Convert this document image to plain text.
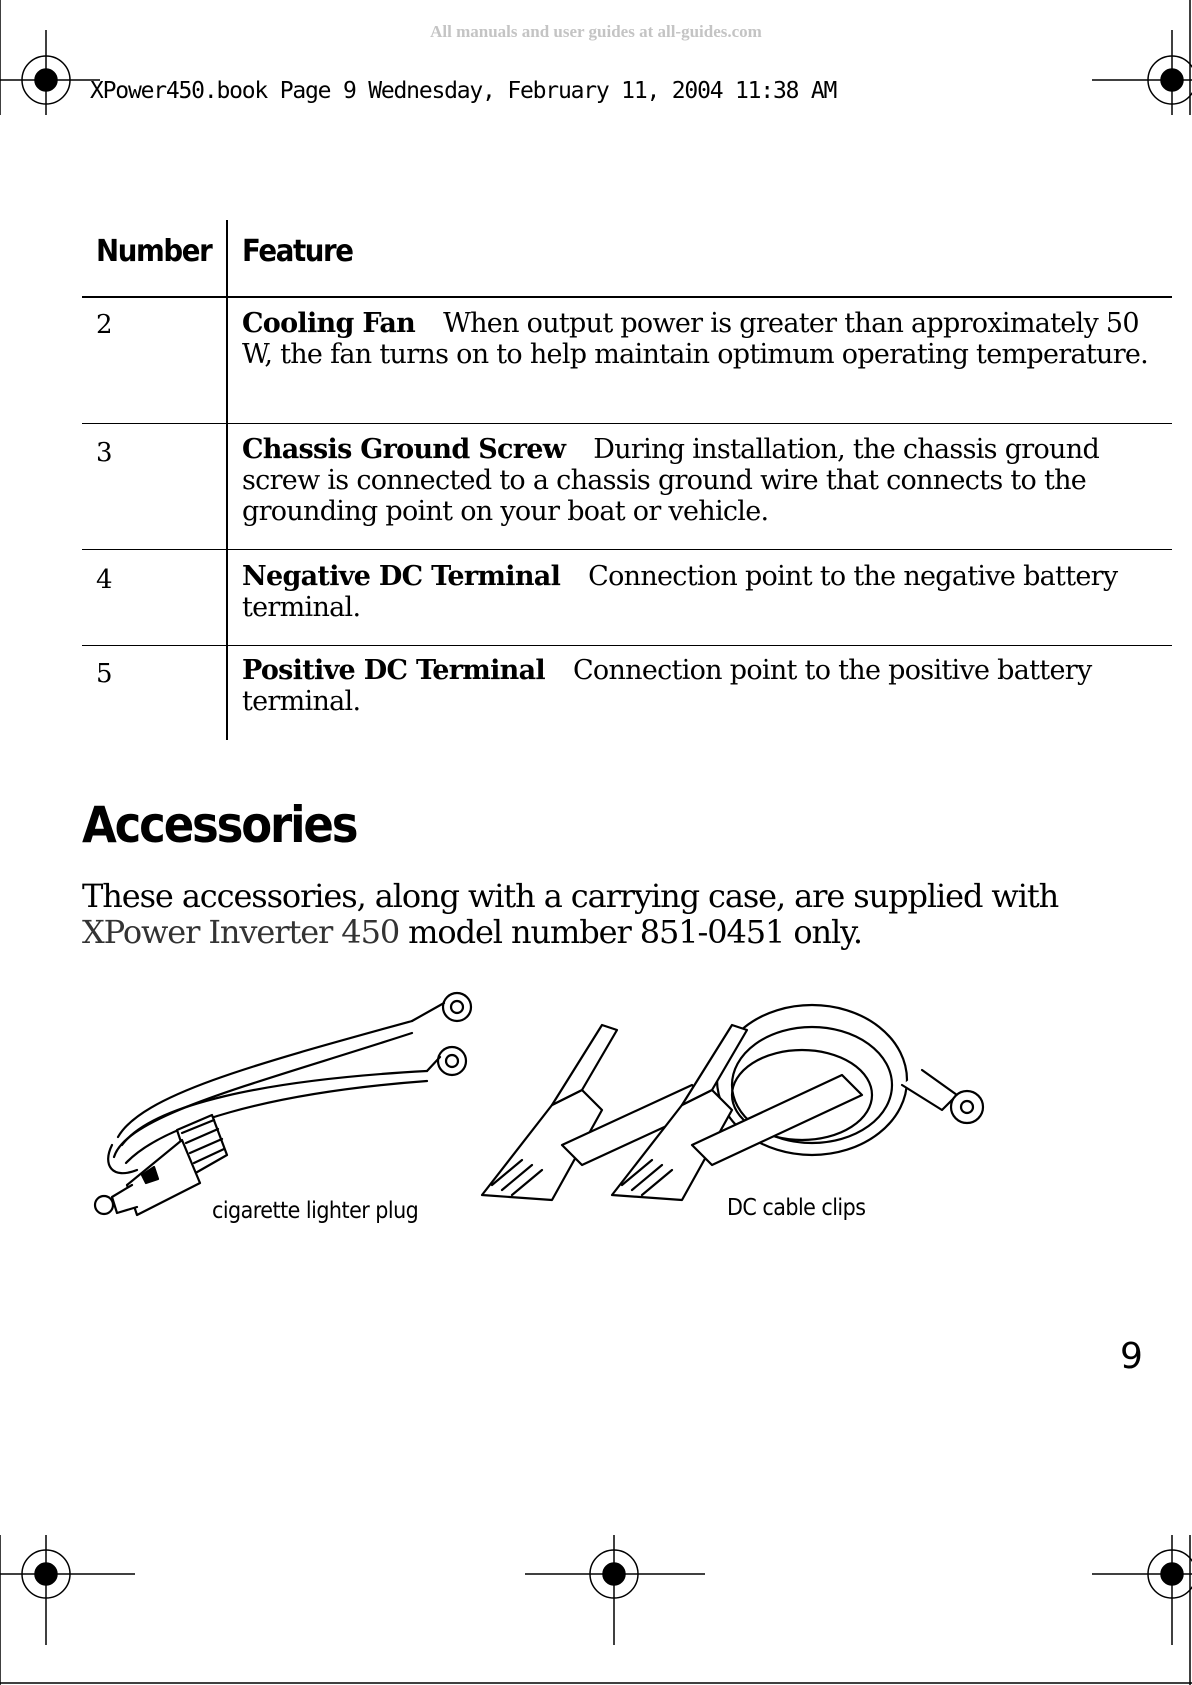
All manuals and user guides at all-guides.com
XPower450.book Page 9 Wednesday, February 11, 2004 11:38 AM
Number Feature
2	Cooling Fan When output power is greater than approximately 50 W, the fan turns on to help maintain optimum operating temperature.
3	Chassis Ground Screw During installation, the chassis ground screw is connected to a chassis ground wire that connects to the grounding point on your boat or vehicle.
4	Negative DC Terminal Connection point to the negative battery terminal.
5	Positive DC Terminal Connection point to the positive battery terminal.
Accessories
These accessories, along with a carrying case, are supplied with XPower Inverter 450 model number 851-0451 only.
cigarette lighter plug	DC cable clips
9
